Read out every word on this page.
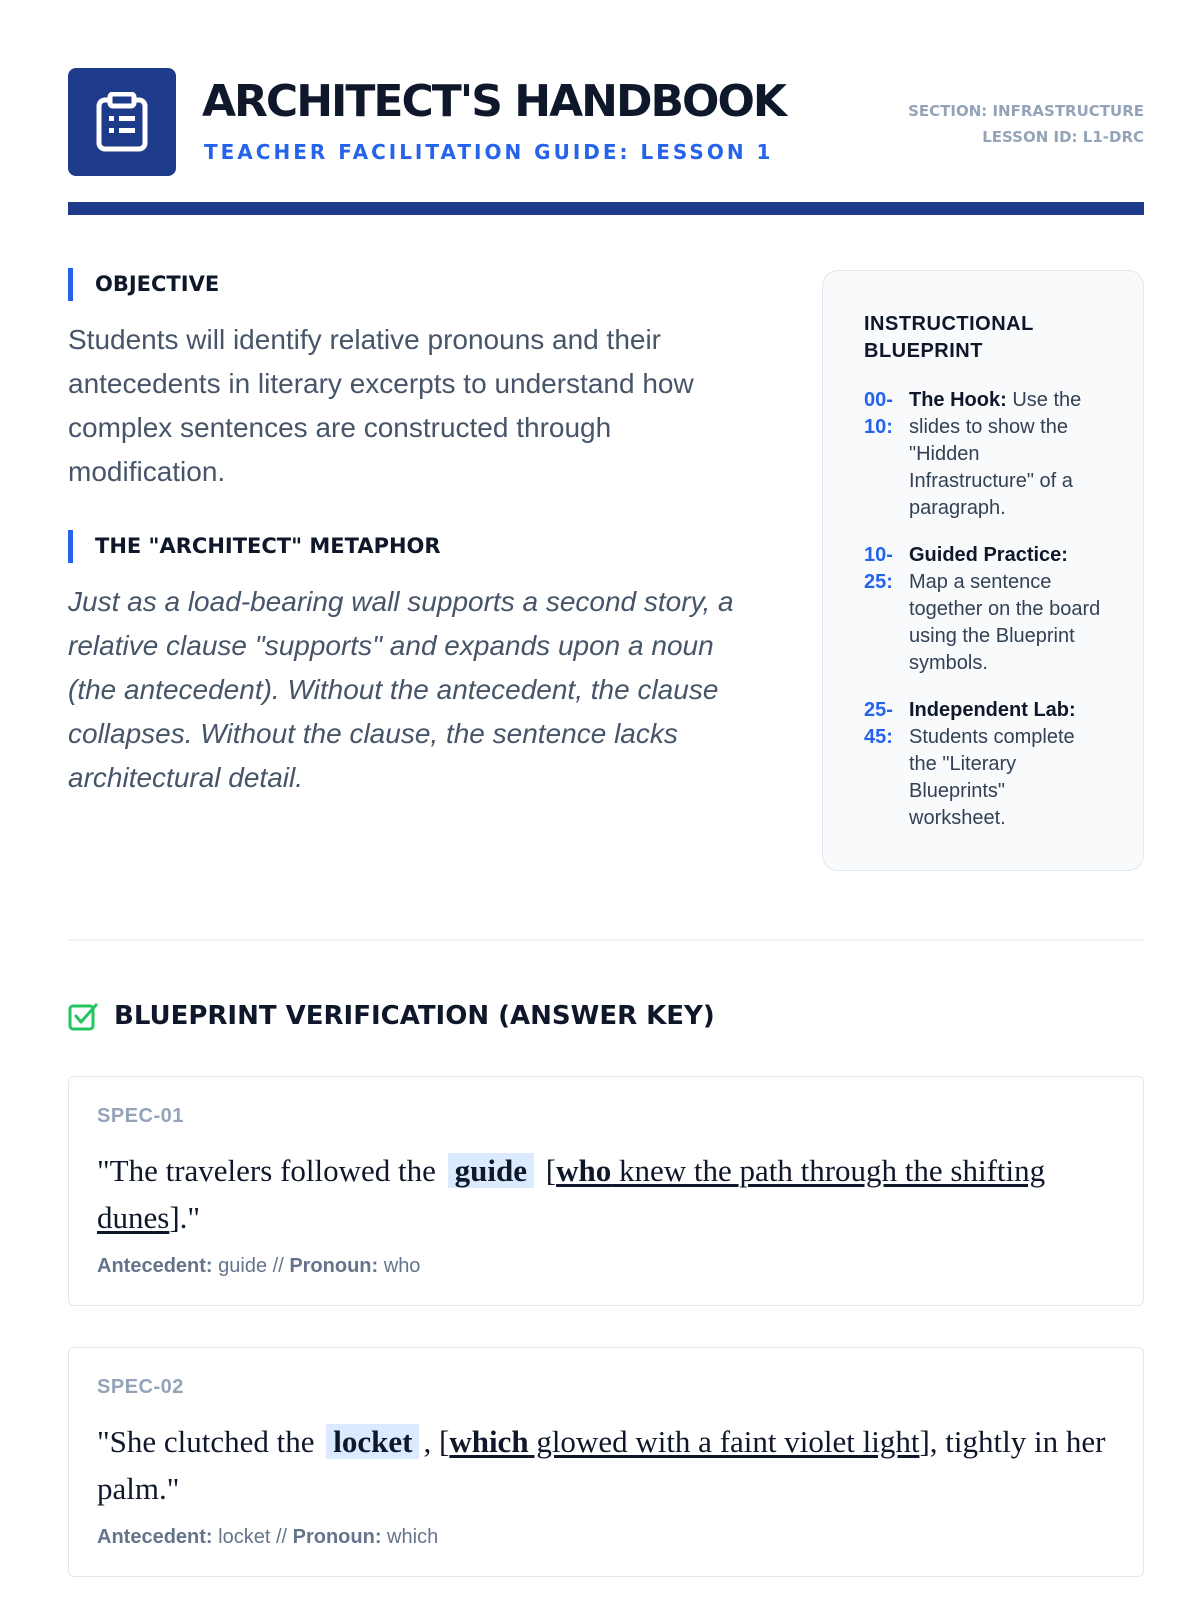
ARCHITECT'S HANDBOOK
TEACHER FACILITATION GUIDE: LESSON 1
SECTION: INFRASTRUCTURE
LESSON ID: L1-DRC
OBJECTIVE

Students will identify relative pronouns and their antecedents in literary excerpts to understand how complex sentences are constructed through modification.

THE "ARCHITECT" METAPHOR

Just as a load-bearing wall supports a second story, a relative clause "supports" and expands upon a noun (the antecedent). Without the antecedent, the clause collapses. Without the clause, the sentence lacks architectural detail.

INSTRUCTIONAL BLUEPRINT
00-10:
The Hook: Use the slides to show the "Hidden Infrastructure" of a paragraph.
10-25:
Guided Practice: Map a sentence together on the board using the Blueprint symbols.
25-45:
Independent Lab: Students complete the "Literary Blueprints" worksheet.
BLUEPRINT VERIFICATION (ANSWER KEY)
SPEC-01
"The travelers followed the guide [who knew the path through the shifting dunes]."
Antecedent: guide // Pronoun: who
SPEC-02
"She clutched the locket , [which glowed with a faint violet light], tightly in her palm."
Antecedent: locket // Pronoun: which
